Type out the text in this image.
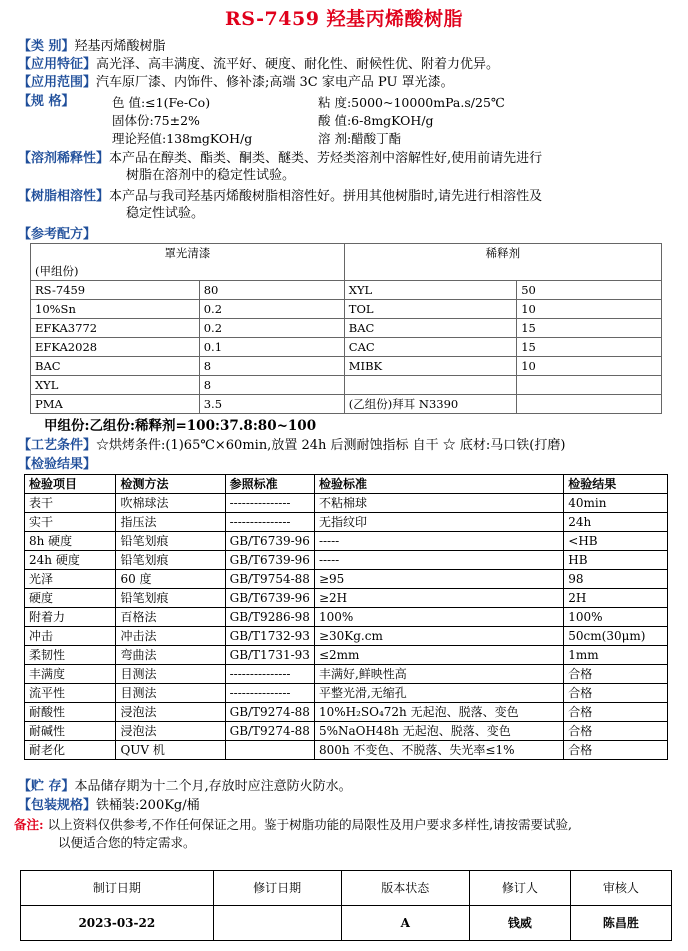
RS-7459 羟基丙烯酸树脂
【类 别】羟基丙烯酸树脂
【应用特征】高光泽、高丰满度、流平好、硬度、耐化性、耐候性优、附着力优异。
【应用范围】汽车原厂漆、内饰件、修补漆;高端 3C 家电产品 PU 罩光漆。
【规 格】	色 值:≤1(Fe-Co)	粘 度:5000~10000mPa.s/25℃
固体份:75±2%	酸 值:6-8mgKOH/g
理论羟值:138mgKOH/g	溶 剂:醋酸丁酯
【溶剂稀释性】本产品在醇类、酯类、酮类、醚类、芳烃类溶剂中溶解性好,使用前请先进行
树脂在溶剂中的稳定性试验。
【树脂相溶性】本产品与我司羟基丙烯酸树脂相溶性好。拼用其他树脂时,请先进行相溶性及
稳定性试验。
【参考配方】
罩光清漆		稀释剂	
(甲组份)			
RS-7459	80	XYL	50
10%Sn	0.2	TOL	10
EFKA3772	0.2	BAC	15
EFKA2028	0.1	CAC	15
BAC	8	MIBK	10
XYL	8		
PMA	3.5	(乙组份)拜耳 N3390	
甲组份:乙组份:稀释剂=100:37.8:80~100
【工艺条件】☆烘烤条件:(1)65℃×60min,放置 24h 后测耐蚀指标 自干 ☆ 底材:马口铁(打磨)
【检验结果】
检验项目	检测方法	参照标准	检验标准	检验结果
表干	吹棉球法	---------------	不粘棉球	40min
实干	指压法	---------------	无指纹印	24h
8h 硬度	铅笔划痕	GB/T6739-96	-----	<HB
24h 硬度	铅笔划痕	GB/T6739-96	-----	HB
光泽	60 度	GB/T9754-88	≥95	98
硬度	铅笔划痕	GB/T6739-96	≥2H	2H
附着力	百格法	GB/T9286-98	100%	100%
冲击	冲击法	GB/T1732-93	≥30Kg.cm	50cm(30μm)
柔韧性	弯曲法	GB/T1731-93	≤2mm	1mm
丰满度	目测法	---------------	丰满好,鲜映性高	合格
流平性	目测法	---------------	平整光滑,无缩孔	合格
耐酸性	浸泡法	GB/T9274-88	10%H₂SO₄72h 无起泡、脱落、变色	合格
耐碱性	浸泡法	GB/T9274-88	5%NaOH48h 无起泡、脱落、变色	合格
耐老化	QUV 机		800h 不变色、不脱落、失光率≤1%	合格
【贮 存】本品储存期为十二个月,存放时应注意防火防水。
【包装规格】铁桶装:200Kg/桶
备注: 以上资料仅供参考,不作任何保证之用。鉴于树脂功能的局限性及用户要求多样性,请按需要试验,
以便适合您的特定需求。
制订日期	修订日期	版本状态	修订人	审核人
2023-03-22		A	钱威	陈昌胜
